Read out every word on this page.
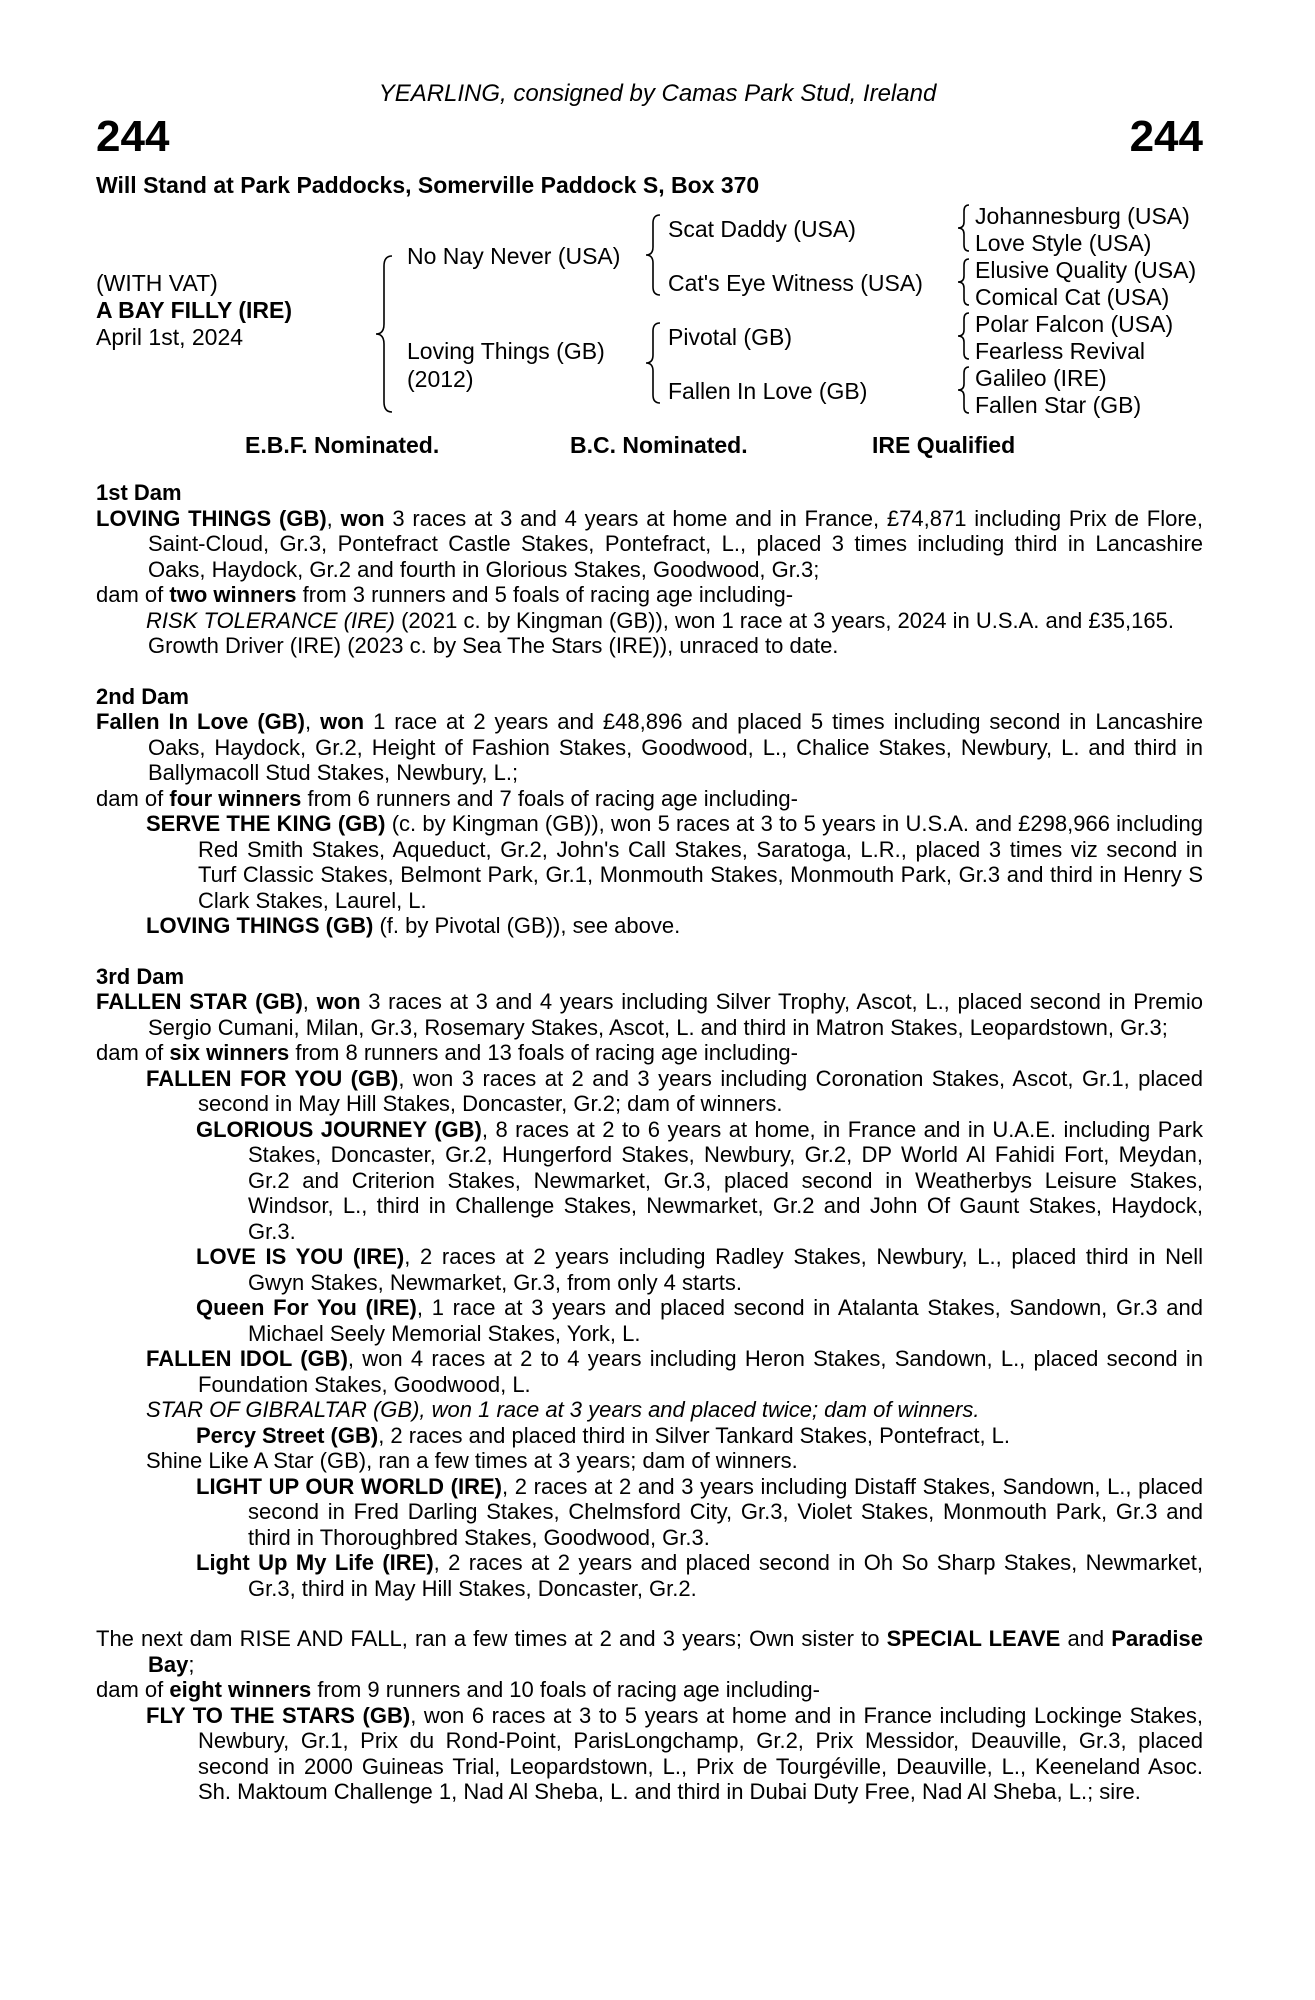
YEARLING, consigned by Camas Park Stud, Ireland
244	244
Will Stand at Park Paddocks, Somerville Paddock S, Box 370
(WITH VAT)
A BAY FILLY (IRE)
April 1st, 2024
No Nay Never (USA)
Loving Things (GB)
(2012)
Scat Daddy (USA)
Cat's Eye Witness (USA)
Pivotal (GB)
Fallen In Love (GB)
Johannesburg (USA)
Love Style (USA)
Elusive Quality (USA)
Comical Cat (USA)
Polar Falcon (USA)
Fearless Revival
Galileo (IRE)
Fallen Star (GB)
E.B.F. Nominated.	B.C. Nominated.	IRE Qualified

1st Dam

LOVING THINGS (GB), won 3 races at 3 and 4 years at home and in France, £74,871 including Prix de Flore, Saint-Cloud, Gr.3, Pontefract Castle Stakes, Pontefract, L., placed 3 times including third in Lancashire Oaks, Haydock, Gr.2 and fourth in Glorious Stakes, Goodwood, Gr.3;

dam of two winners from 3 runners and 5 foals of racing age including-

RISK TOLERANCE (IRE) (2021 c. by Kingman (GB)), won 1 race at 3 years, 2024 in U.S.A. and £35,165.

Growth Driver (IRE) (2023 c. by Sea The Stars (IRE)), unraced to date.

2nd Dam

Fallen In Love (GB), won 1 race at 2 years and £48,896 and placed 5 times including second in Lancashire Oaks, Haydock, Gr.2, Height of Fashion Stakes, Goodwood, L., Chalice Stakes, Newbury, L. and third in Ballymacoll Stud Stakes, Newbury, L.;

dam of four winners from 6 runners and 7 foals of racing age including-

SERVE THE KING (GB) (c. by Kingman (GB)), won 5 races at 3 to 5 years in U.S.A. and £298,966 including Red Smith Stakes, Aqueduct, Gr.2, John's Call Stakes, Saratoga, L.R., placed 3 times viz second in Turf Classic Stakes, Belmont Park, Gr.1, Monmouth Stakes, Monmouth Park, Gr.3 and third in Henry S Clark Stakes, Laurel, L.

LOVING THINGS (GB) (f. by Pivotal (GB)), see above.

3rd Dam

FALLEN STAR (GB), won 3 races at 3 and 4 years including Silver Trophy, Ascot, L., placed second in Premio Sergio Cumani, Milan, Gr.3, Rosemary Stakes, Ascot, L. and third in Matron Stakes, Leopardstown, Gr.3;

dam of six winners from 8 runners and 13 foals of racing age including-

FALLEN FOR YOU (GB), won 3 races at 2 and 3 years including Coronation Stakes, Ascot, Gr.1, placed second in May Hill Stakes, Doncaster, Gr.2; dam of winners.

GLORIOUS JOURNEY (GB), 8 races at 2 to 6 years at home, in France and in U.A.E. including Park Stakes, Doncaster, Gr.2, Hungerford Stakes, Newbury, Gr.2, DP World Al Fahidi Fort, Meydan, Gr.2 and Criterion Stakes, Newmarket, Gr.3, placed second in Weatherbys Leisure Stakes, Windsor, L., third in Challenge Stakes, Newmarket, Gr.2 and John Of Gaunt Stakes, Haydock, Gr.3.

LOVE IS YOU (IRE), 2 races at 2 years including Radley Stakes, Newbury, L., placed third in Nell Gwyn Stakes, Newmarket, Gr.3, from only 4 starts.

Queen For You (IRE), 1 race at 3 years and placed second in Atalanta Stakes, Sandown, Gr.3 and Michael Seely Memorial Stakes, York, L.

FALLEN IDOL (GB), won 4 races at 2 to 4 years including Heron Stakes, Sandown, L., placed second in Foundation Stakes, Goodwood, L.

STAR OF GIBRALTAR (GB), won 1 race at 3 years and placed twice; dam of winners.

Percy Street (GB), 2 races and placed third in Silver Tankard Stakes, Pontefract, L.

Shine Like A Star (GB), ran a few times at 3 years; dam of winners.

LIGHT UP OUR WORLD (IRE), 2 races at 2 and 3 years including Distaff Stakes, Sandown, L., placed second in Fred Darling Stakes, Chelmsford City, Gr.3, Violet Stakes, Monmouth Park, Gr.3 and third in Thoroughbred Stakes, Goodwood, Gr.3.

Light Up My Life (IRE), 2 races at 2 years and placed second in Oh So Sharp Stakes, Newmarket, Gr.3, third in May Hill Stakes, Doncaster, Gr.2.

The next dam RISE AND FALL, ran a few times at 2 and 3 years; Own sister to SPECIAL LEAVE and Paradise Bay;

dam of eight winners from 9 runners and 10 foals of racing age including-

FLY TO THE STARS (GB), won 6 races at 3 to 5 years at home and in France including Lockinge Stakes, Newbury, Gr.1, Prix du Rond-Point, ParisLongchamp, Gr.2, Prix Messidor, Deauville, Gr.3, placed second in 2000 Guineas Trial, Leopardstown, L., Prix de Tourgéville, Deauville, L., Keeneland Asoc. Sh. Maktoum Challenge 1, Nad Al Sheba, L. and third in Dubai Duty Free, Nad Al Sheba, L.; sire.
